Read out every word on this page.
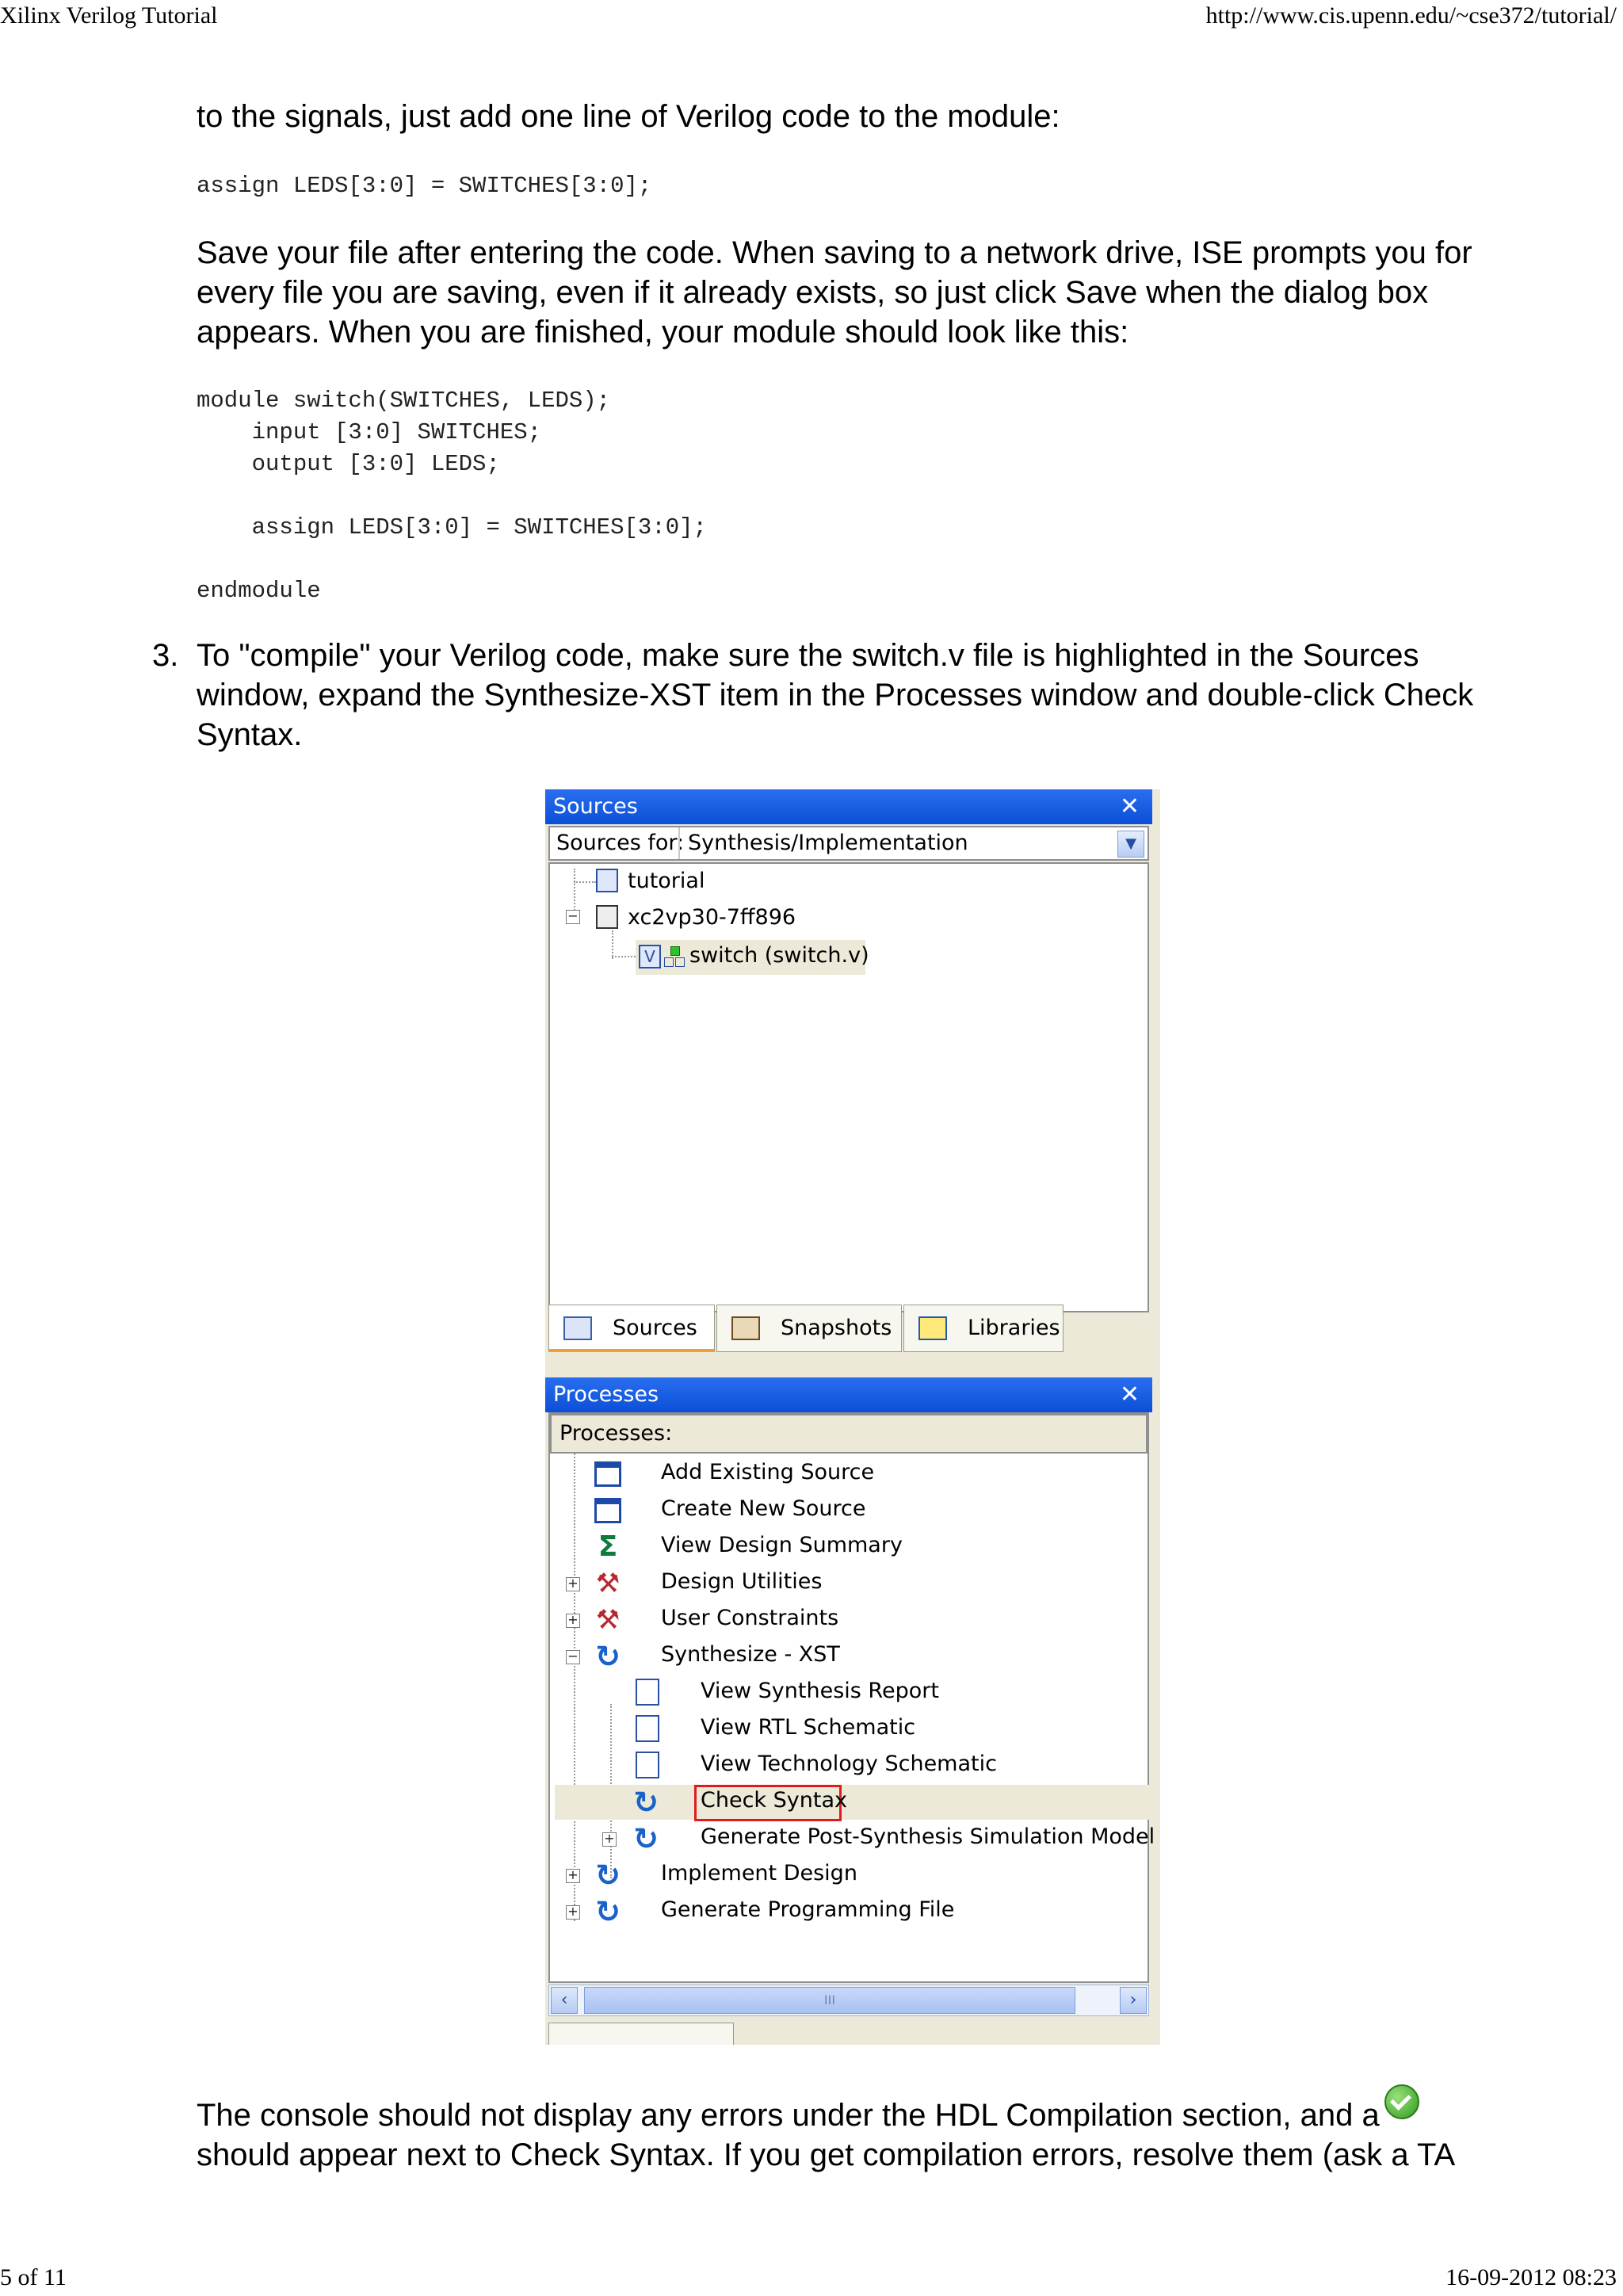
Xilinx Verilog Tutorial	http://www.cis.upenn.edu/~cse372/tutorial/
to the signals, just add one line of Verilog code to the module:
assign LEDS[3:0] = SWITCHES[3:0];
Save your file after entering the code. When saving to a network drive, ISE prompts you for every file you are saving, even if it already exists, so just click Save when the dialog box appears. When you are finished, your module should look like this:
module switch(SWITCHES, LEDS);
input [3:0] SWITCHES;
output [3:0] LEDS;

assign LEDS[3:0] = SWITCHES[3:0];

endmodule
3. To "compile" your Verilog code, make sure the switch.v file is highlighted in the Sources window, expand the Synthesize-XST item in the Processes window and double-click Check Syntax.
Sources	✕
Sources for: Synthesis/Implementation	▼
tutorial
− xc2vp30-7ff896
V switch (switch.v)
Sources	Snapshots	Libraries
Processes	✕
Processes:
Add Existing Source
Create New Source
Σ View Design Summary
+ ⚒ Design Utilities
+ ⚒ User Constraints
− ↻ Synthesize - XST
View Synthesis Report
View RTL Schematic
View Technology Schematic
↻ Check Syntax
+ ↻ Generate Post-Synthesis Simulation Model
+ ↻ Implement Design
+ ↻ Generate Programming File
‹	III	›
The console should not display any errors under the HDL Compilation section, and a
should appear next to Check Syntax. If you get compilation errors, resolve them (ask a TA
5 of 11	16-09-2012 08:23
